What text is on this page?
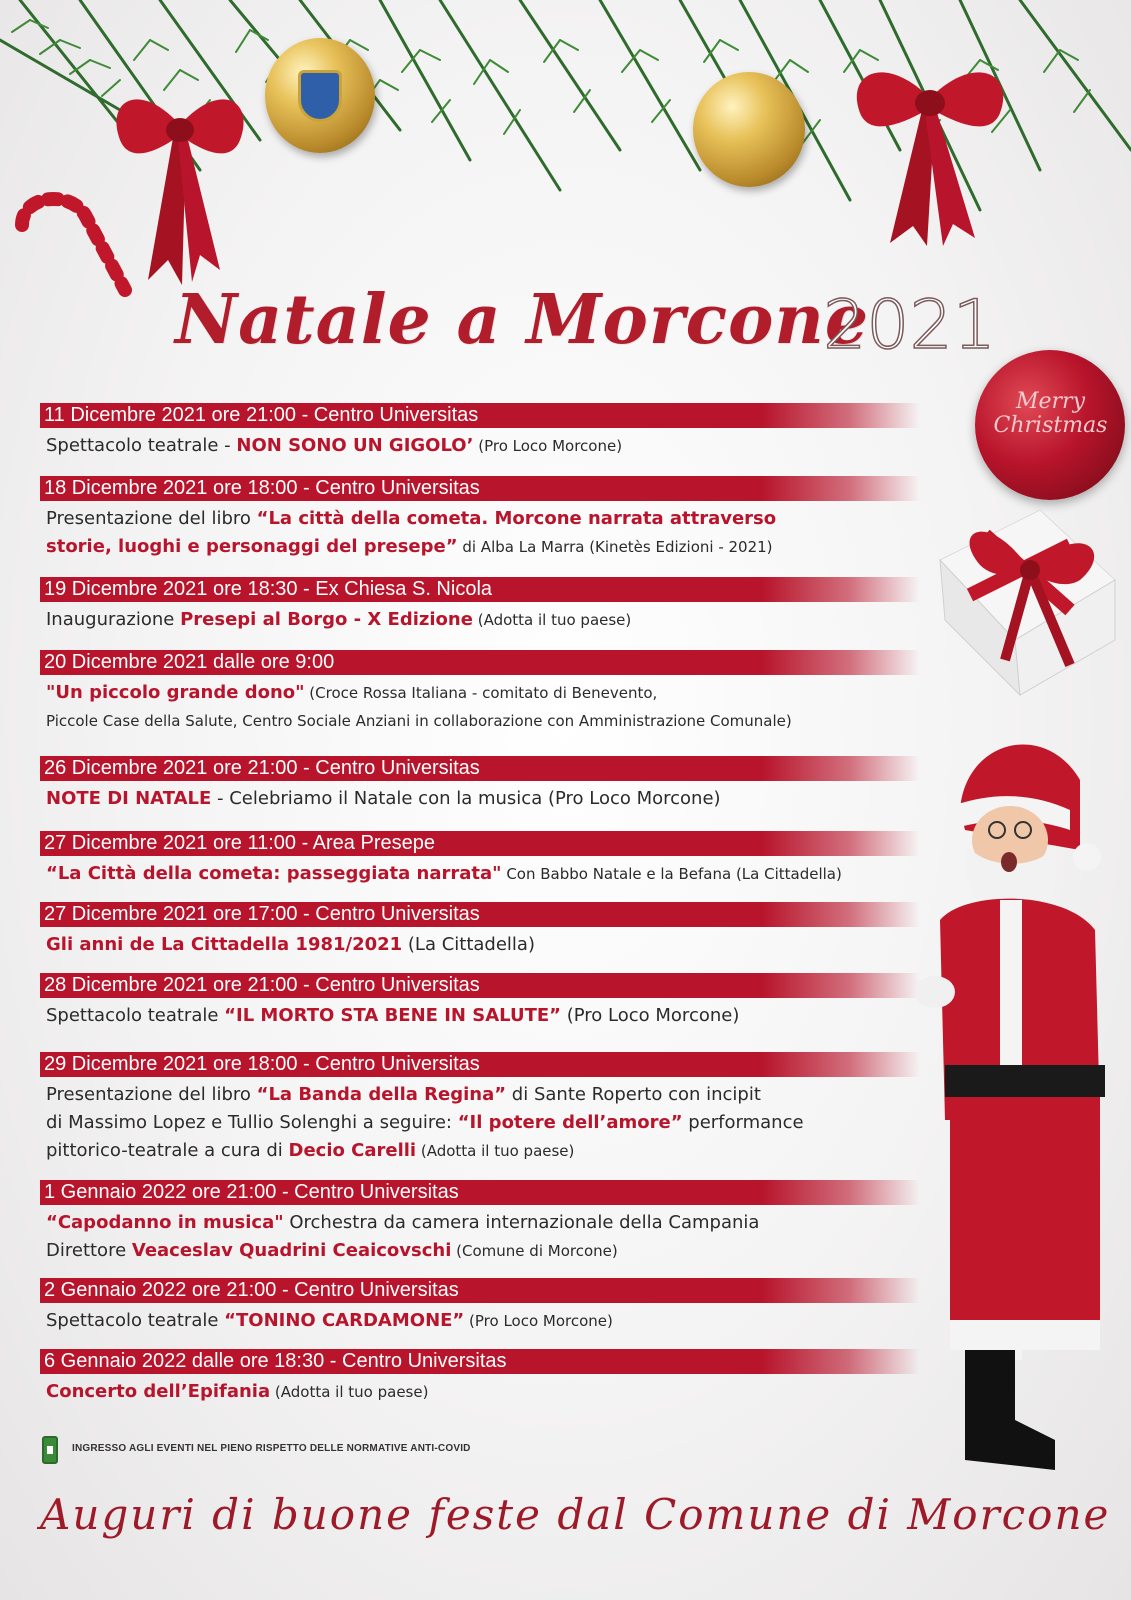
Natale a Morcone
2021
11 Dicembre 2021 ore 21:00 - Centro Universitas
Spettacolo teatrale - NON SONO UN GIGOLO’ (Pro Loco Morcone)
18 Dicembre 2021 ore 18:00 - Centro Universitas
Presentazione del libro “La città della cometa. Morcone narrata attraverso
storie, luoghi e personaggi del presepe” di Alba La Marra (Kinetès Edizioni - 2021)
19 Dicembre 2021 ore 18:30 - Ex Chiesa S. Nicola
Inaugurazione Presepi al Borgo - X Edizione (Adotta il tuo paese)
20 Dicembre 2021 dalle ore 9:00
"Un piccolo grande dono" (Croce Rossa Italiana - comitato di Benevento,
Piccole Case della Salute, Centro Sociale Anziani in collaborazione con Amministrazione Comunale)
26 Dicembre 2021 ore 21:00 - Centro Universitas
NOTE DI NATALE - Celebriamo il Natale con la musica (Pro Loco Morcone)
27 Dicembre 2021 ore 11:00 - Area Presepe
“La Città della cometa: passeggiata narrata" Con Babbo Natale e la Befana (La Cittadella)
27 Dicembre 2021 ore 17:00 - Centro Universitas
Gli anni de La Cittadella 1981/2021 (La Cittadella)
28 Dicembre 2021 ore 21:00 - Centro Universitas
Spettacolo teatrale “IL MORTO STA BENE IN SALUTE” (Pro Loco Morcone)
29 Dicembre 2021 ore 18:00 - Centro Universitas
Presentazione del libro “La Banda della Regina” di Sante Roperto con incipit
di Massimo Lopez e Tullio Solenghi a seguire: “Il potere dell’amore” performance
pittorico-teatrale a cura di Decio Carelli (Adotta il tuo paese)
1 Gennaio 2022 ore 21:00 - Centro Universitas
“Capodanno in musica" Orchestra da camera internazionale della Campania
Direttore Veaceslav Quadrini Ceaicovschi (Comune di Morcone)
2 Gennaio 2022 ore 21:00 - Centro Universitas
Spettacolo teatrale “TONINO CARDAMONE” (Pro Loco Morcone)
6 Gennaio 2022 dalle ore 18:30 - Centro Universitas
Concerto dell’Epifania (Adotta il tuo paese)
Merry
Christmas
INGRESSO AGLI EVENTI NEL PIENO RISPETTO DELLE NORMATIVE ANTI-COVID
Auguri di buone feste dal Comune di Morcone
